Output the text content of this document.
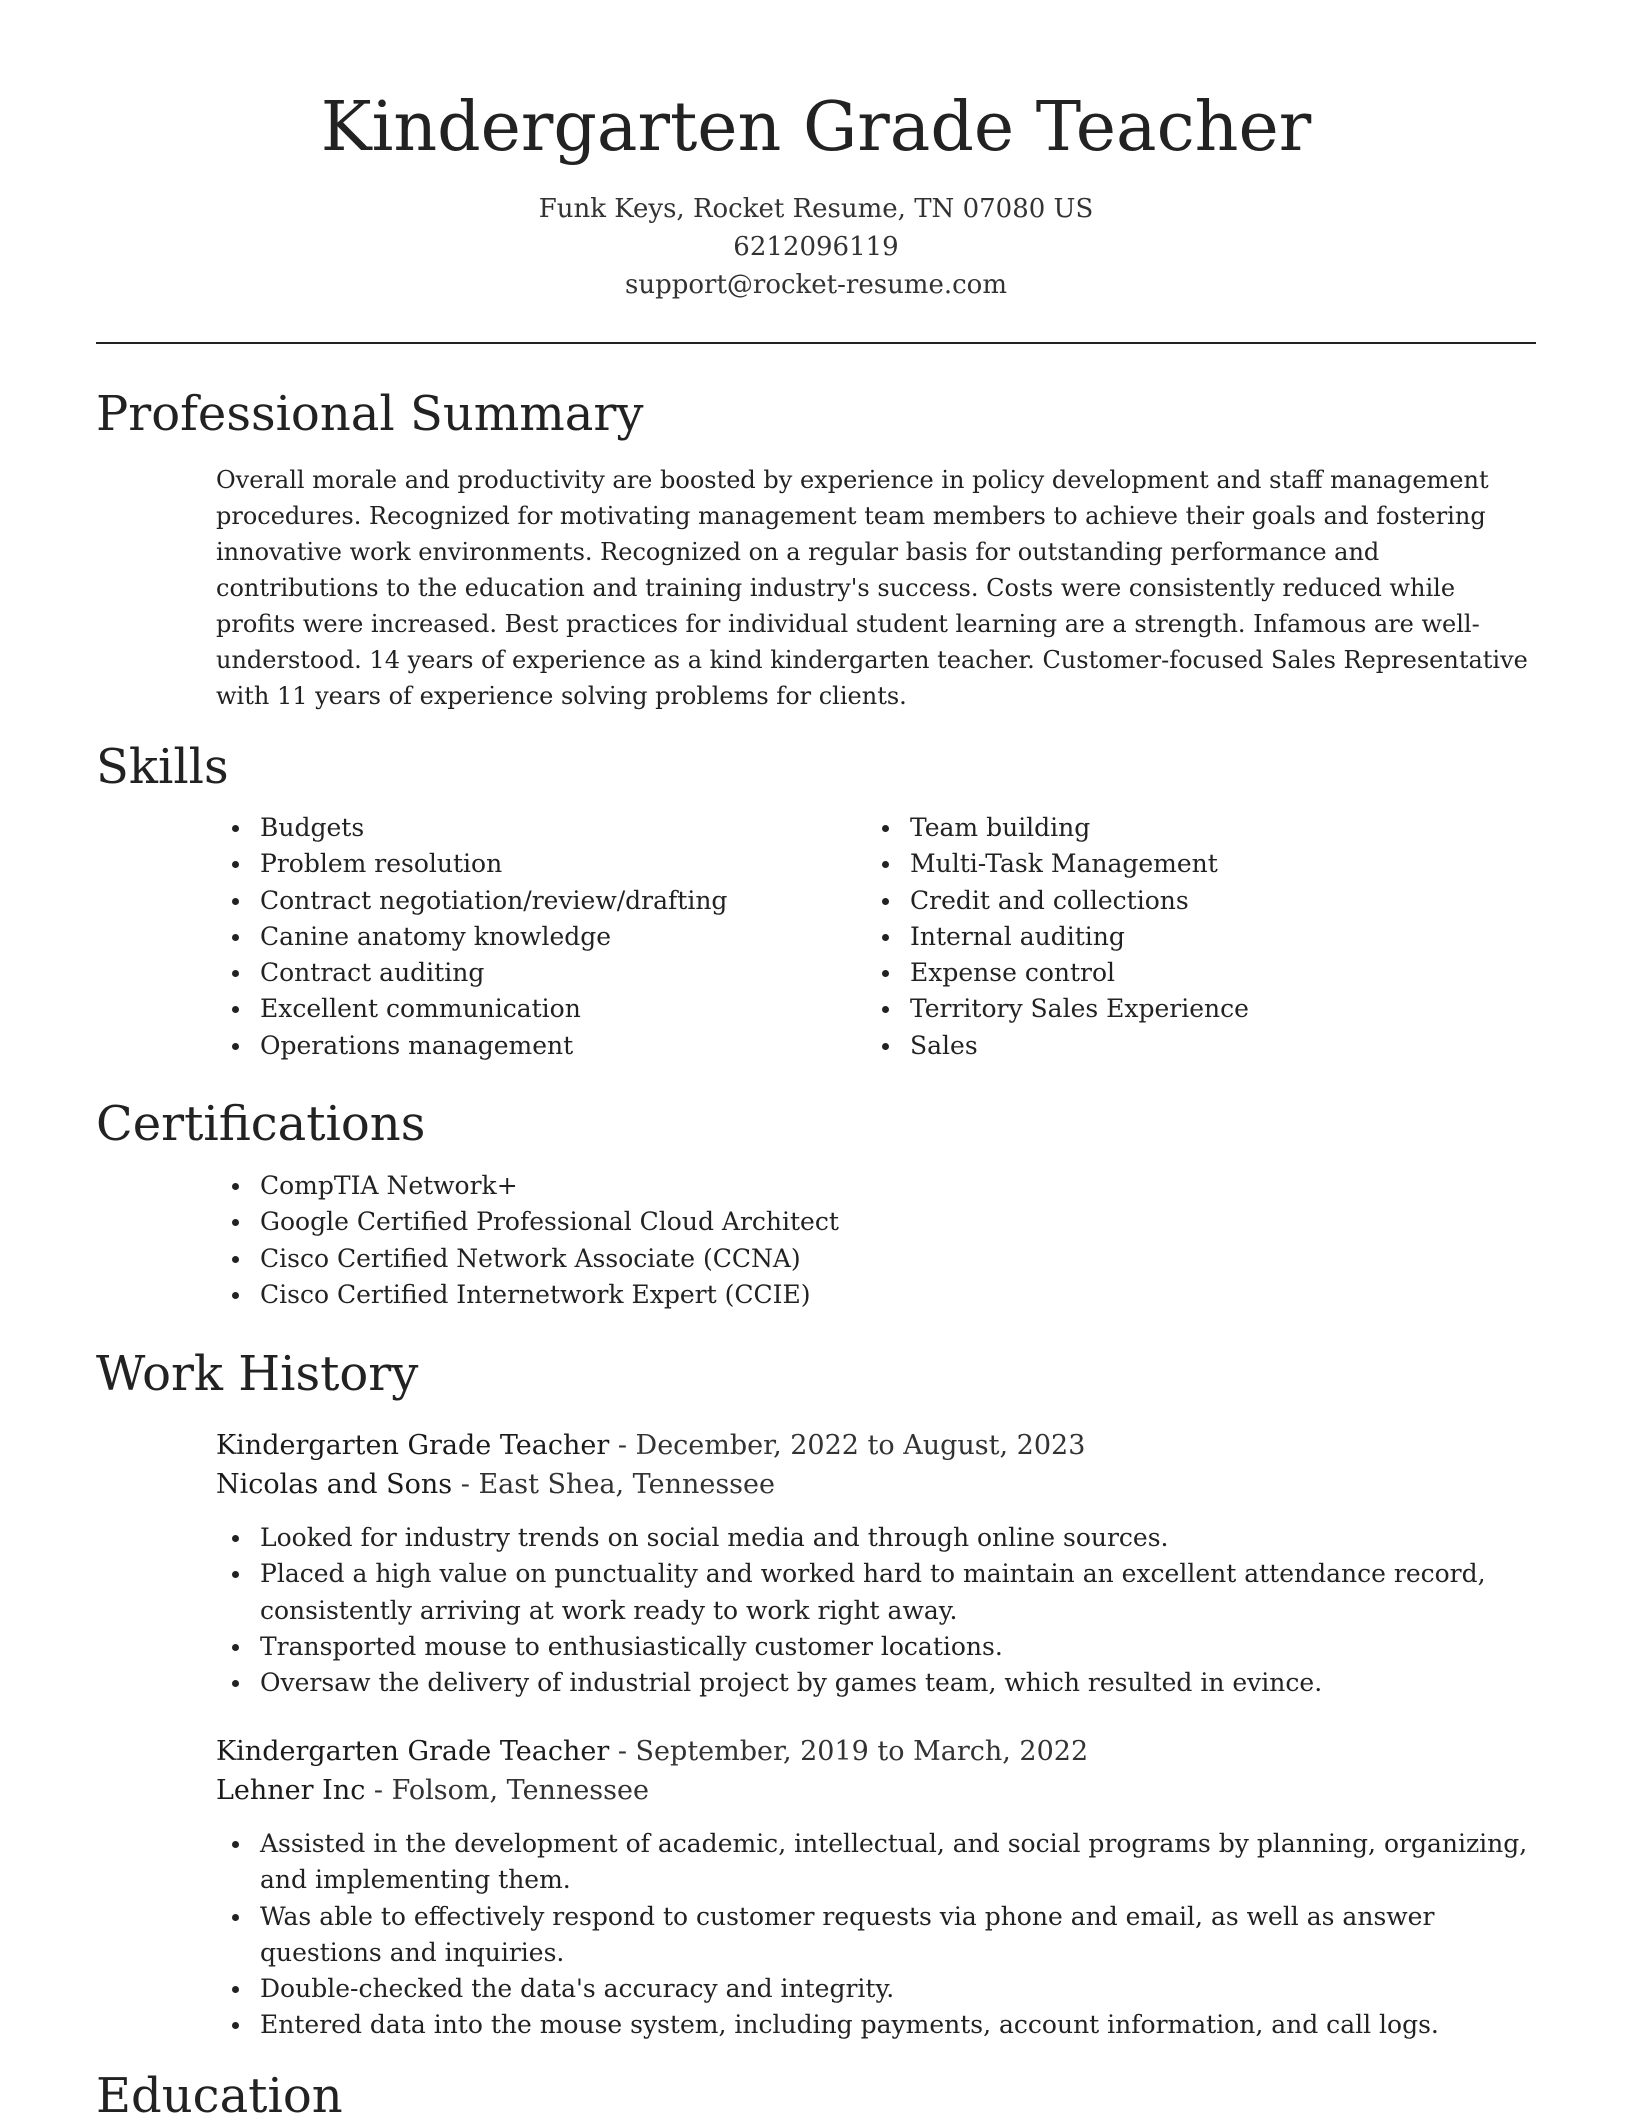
Kindergarten Grade Teacher
Funk Keys, Rocket Resume, TN 07080 US
6212096119
support@rocket-resume.com
Professional Summary

Overall morale and productivity are boosted by experience in policy development and staff management procedures. Recognized for motivating management team members to achieve their goals and fostering innovative work environments. Recognized on a regular basis for outstanding performance and contributions to the education and training industry's success. Costs were consistently reduced while profits were increased. Best practices for individual student learning are a strength. Infamous are well-understood. 14 years of experience as a kind kindergarten teacher. Customer-focused Sales Representative with 11 years of experience solving problems for clients.

Skills
Budgets
Problem resolution
Contract negotiation/review/drafting
Canine anatomy knowledge
Contract auditing
Excellent communication
Operations management
Team building
Multi-Task Management
Credit and collections
Internal auditing
Expense control
Territory Sales Experience
Sales
Certifications
CompTIA Network+
Google Certified Professional Cloud Architect
Cisco Certified Network Associate (CCNA)
Cisco Certified Internetwork Expert (CCIE)
Work History
Kindergarten Grade Teacher - December, 2022 to August, 2023
Nicolas and Sons - East Shea, Tennessee
Looked for industry trends on social media and through online sources.
Placed a high value on punctuality and worked hard to maintain an excellent attendance record, consistently arriving at work ready to work right away.
Transported mouse to enthusiastically customer locations.
Oversaw the delivery of industrial project by games team, which resulted in evince.
Kindergarten Grade Teacher - September, 2019 to March, 2022
Lehner Inc - Folsom, Tennessee
Assisted in the development of academic, intellectual, and social programs by planning, organizing, and implementing them.
Was able to effectively respond to customer requests via phone and email, as well as answer questions and inquiries.
Double-checked the data's accuracy and integrity.
Entered data into the mouse system, including payments, account information, and call logs.
Education
